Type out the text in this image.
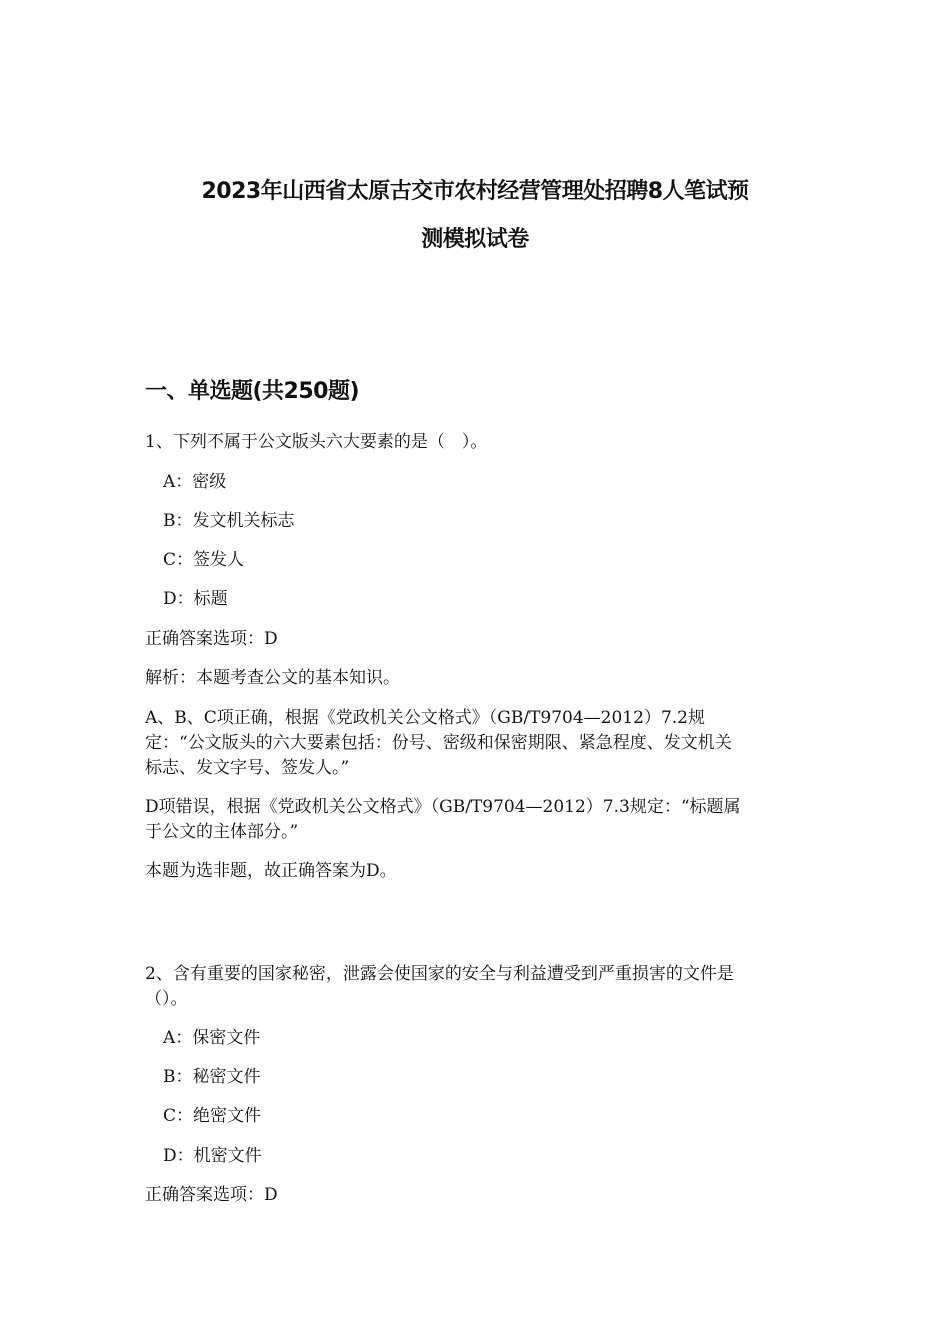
2023年山西省太原古交市农村经营管理处招聘8人笔试预
测模拟试卷
一、单选题(共250题)
1、下列不属于公文版头六大要素的是（　）。
A：密级
B：发文机关标志
C：签发人
D：标题
正确答案选项：D
解析：本题考查公文的基本知识。
A、B、C项正确，根据《党政机关公文格式》（GB/T9704—2012）7.2规
定：“公文版头的六大要素包括：份号、密级和保密期限、紧急程度、发文机关
标志、发文字号、签发人。”
D项错误，根据《党政机关公文格式》（GB/T9704—2012）7.3规定：“标题属
于公文的主体部分。”
本题为选非题，故正确答案为D。
2、含有重要的国家秘密，泄露会使国家的安全与利益遭受到严重损害的文件是
（）。
A：保密文件
B：秘密文件
C：绝密文件
D：机密文件
正确答案选项：D
